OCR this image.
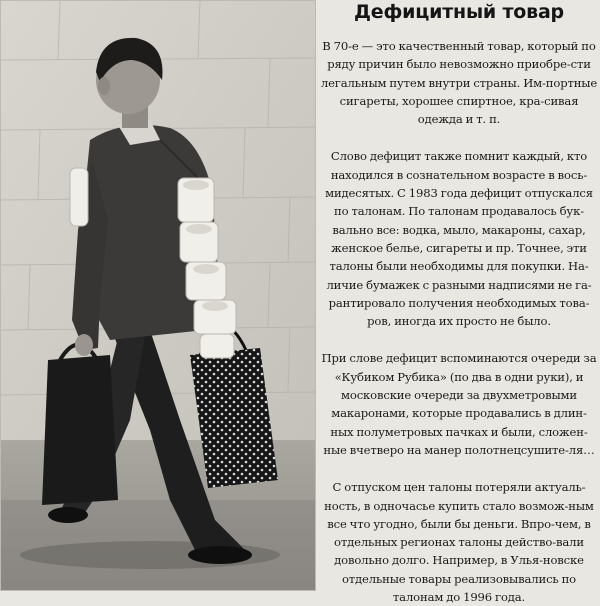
Дефицитный товар

В 70-е — это качественный товар, который по ряду причин было невозможно приобре-сти легальным путем внутри страны. Им-портные сигареты, хорошее спиртное, кра-сивая одежда и т. п.

Слово дефицит также помнит каждый, кто находился в сознательном возрасте в вось-мидесятых. С 1983 года дефицит отпускался по талонам. По талонам продавалось бук-вально все: водка, мыло, макароны, сахар, женское белье, сигареты и пр. Точнее, эти талоны были необходимы для покупки. На-личие бумажек с разными надписями не га-рантировало получения необходимых това-ров, иногда их просто не было.

При слове дефицит вспоминаются очереди за «Кубиком Рубика» (по два в одни руки), и московские очереди за двухметровыми макаронами, которые продавались в длин-ных полуметровых пачках и были, сложен-ные вчетверо на манер полотнецсушите-ля…

С отпуском цен талоны потеряли актуаль-ность, в одночасье купить стало возмож-ным все что угодно, были бы деньги. Впро-чем, в отдельных регионах талоны действо-вали довольно долго. Например, в Улья-новске отдельные товары реализовывались по талонам до 1996 года.
